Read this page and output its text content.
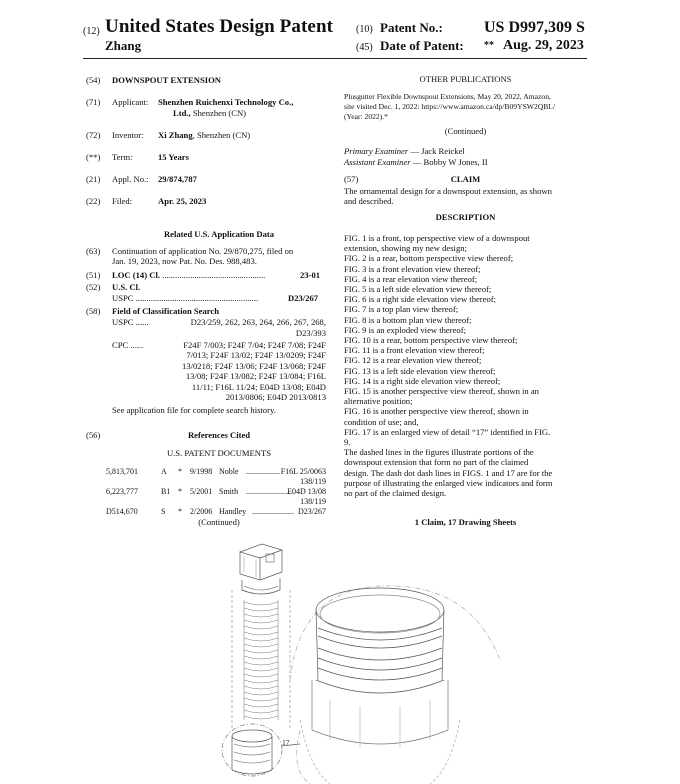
(12) United States Design Patent
Zhang
(10) Patent No.:	US D997,309 S
(45) Date of Patent: ** Aug. 29, 2023
(54) DOWNSPOUT EXTENSION
(71) Applicant: Shenzhen Ruichenxi Technology Co.,
Ltd., Shenzhen (CN)
(72) Inventor: Xi Zhang, Shenzhen (CN)
(**) Term:	15 Years
(21) Appl. No.: 29/874,787
(22) Filed:	Apr. 25, 2023
Related U.S. Application Data
(63) Continuation of application No. 29/870,275, filed on
Jan. 19, 2023, now Pat. No. Des. 988,483.
(51) LOC (14) Cl. ................................................	23-01
(52) U.S. Cl.
USPC .........................................................	D23/267
(58) Field of Classification Search
USPC ......	D23/259, 262, 263, 264, 266, 267, 268,
D23/393
CPC ......	F24F 7/003; F24F 7/04; F24F 7/08; F24F
7/013; F24F 13/02; F24F 13/0209; F24F
13/0218; F24F 13/06; F24F 13/068; F24F
13/08; F24F 13/082; F24F 13/084; F16L
11/11; F16L 11/24; E04D 13/08; E04D
2013/0806; E04D 2013/0813
See application file for complete search history.
(56)	References Cited
U.S. PATENT DOCUMENTS
5,813,701	A * 9/1998 Noble ................. F16L 25/0063
138/119
6,223,777	B1 * 5/2001 Smith ......................
E04D 13/08
138/119
D514,670	S * 2/2006 Handley ..................... D23/267
(Continued)
OTHER PUBLICATIONS
Plusgutter Flexible Downspout Extensions, May 20, 2022, Amazon,
site visited Dec. 1, 2022: https://www.amazon.ca/dp/B09YSW2QBL/
(Year: 2022).*
(Continued)
Primary Examiner — Jack Reickel
Assistant Examiner — Bobby W Jones, II
(57)	CLAIM
The ornamental design for a downspout extension, as shown
and described.
DESCRIPTION

FIG. 1 is a front, top perspective view of a downspout

extension, showing my new design;

FIG. 2 is a rear, bottom perspective view thereof;

FIG. 3 is a front elevation view thereof;

FIG. 4 is a rear elevation view thereof;

FIG. 5 is a left side elevation view thereof;

FIG. 6 is a right side elevation view thereof;

FIG. 7 is a top plan view thereof;

FIG. 8 is a bottom plan view thereof;

FIG. 9 is an exploded view thereof;

FIG. 10 is a rear, bottom perspective view thereof;

FIG. 11 is a front elevation view thereof;

FIG. 12 is a rear elevation view thereof;

FIG. 13 is a left side elevation view thereof;

FIG. 14 is a right side elevation view thereof;

FIG. 15 is another perspective view thereof, shown in an

alternative position;

FIG. 16 is another perspective view thereof, shown in

condition of use; and,

FIG. 17 is an enlarged view of detail “17” identified in FIG.

9.

The dashed lines in the figures illustrate portions of the

downspout extension that form no part of the claimed

design. The dash dot dash lines in FIGS. 1 and 17 are for the

purpose of illustrating the enlarged view indicators and form

no part of the claimed design.

1 Claim, 17 Drawing Sheets
17
